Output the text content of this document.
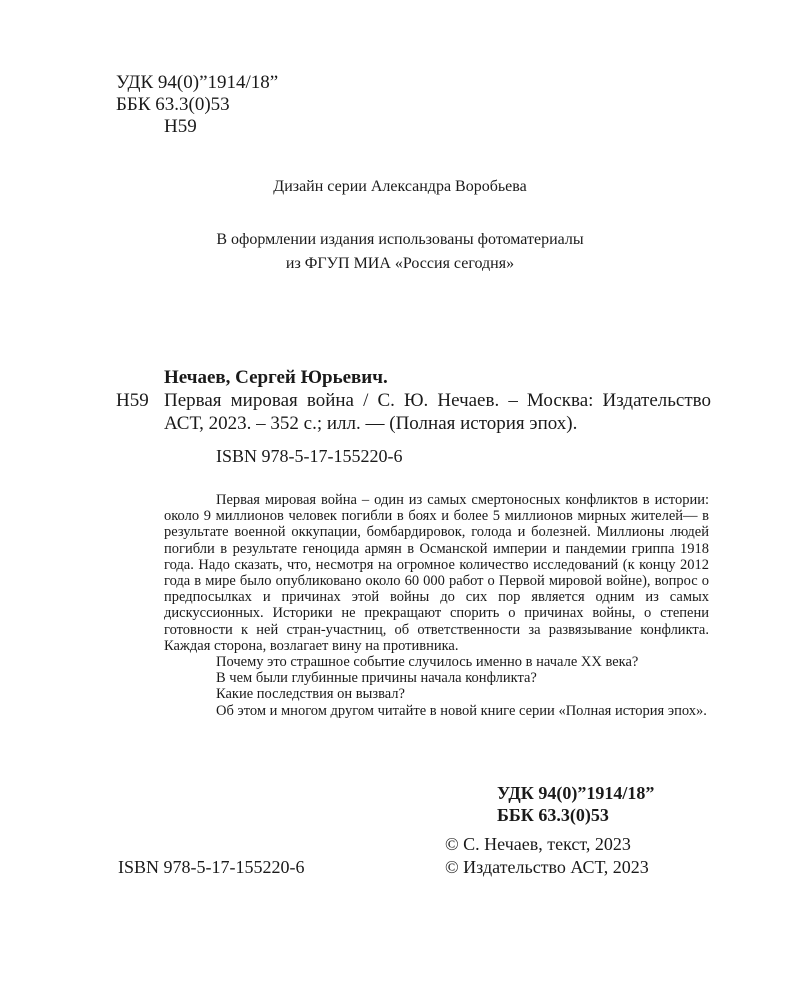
УДК 94(0)”1914/18”
ББК 63.3(0)53
Н59
Дизайн серии Александра Воробьева
В оформлении издания использованы фотоматериалы
из ФГУП МИА «Россия сегодня»
Нечаев, Сергей Юрьевич.
Н59 Первая мировая война / С. Ю. Нечаев. – Москва: Издательство АСТ, 2023. – 352 с.; илл. — (Полная история эпох).
ISBN 978-5-17-155220-6

Первая мировая война – один из самых смертоносных конфликтов в истории: около 9 миллионов человек погибли в боях и более 5 миллионов мирных жителей— в результате военной оккупации, бомбардировок, голода и болезней. Миллионы людей погибли в результате геноцида армян в Османской империи и пандемии гриппа 1918 года. Надо сказать, что, несмотря на огромное количество исследований (к концу 2012 года в мире было опубликовано около 60 000 работ о Первой мировой войне), вопрос о предпосылках и причинах этой войны до сих пор является одним из самых дискуссионных. Историки не прекращают спорить о причинах войны, о степени готовности к ней стран-участниц, об ответственности за развязывание конфликта. Каждая сторона, возлагает вину на противника.

Почему это страшное событие случилось именно в начале XX века?

В чем были глубинные причины начала конфликта?

Какие последствия он вызвал?

Об этом и многом другом читайте в новой книге серии «Полная история эпох».

УДК 94(0)”1914/18”
ББК 63.3(0)53
© С. Нечаев, текст, 2023
© Издательство АСТ, 2023
ISBN 978-5-17-155220-6
